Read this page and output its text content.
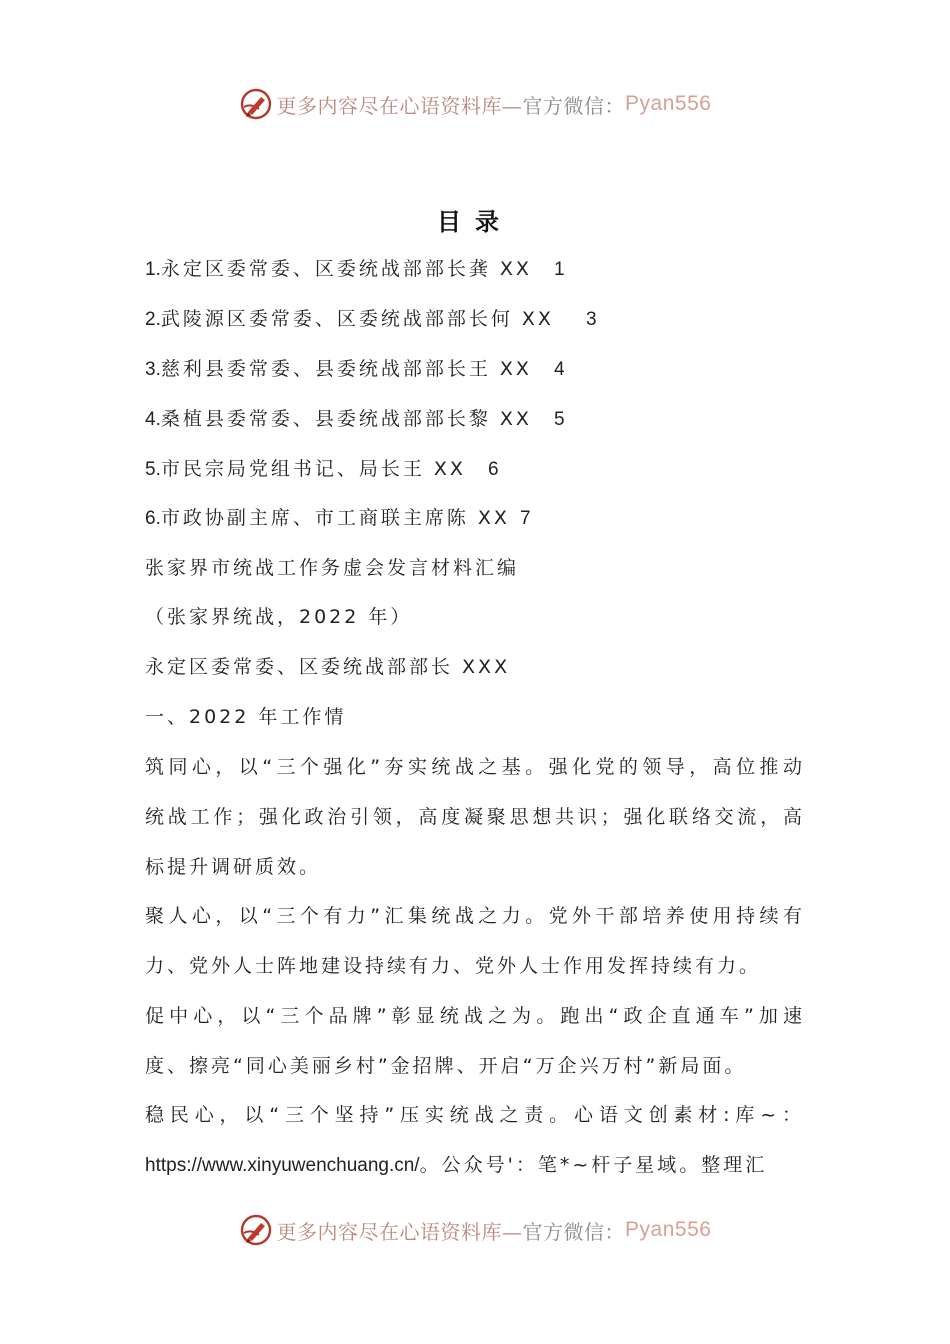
更多内容尽在心语资料库— 官方微信： Pyan556
目录
1.永定区委常委、区委统战部部长龚 XX 1
2.武陵源区委常委、区委统战部部长何 XX 3
3.慈利县委常委、县委统战部部长王 XX 4
4.桑植县委常委、县委统战部部长黎 XX 5
5.市民宗局党组书记、局长王 XX 6
6.市政协副主席、市工商联主席陈 XX 7
张家界市统战工作务虚会发言材料汇编
（张家界统战，2022 年）
永定区委常委、区委统战部部长 XXX
一、2022 年工作情
筑同心，以“三个强化”夯实统战之基。强化党的领导，高位推动
统战工作；强化政治引领，高度凝聚思想共识；强化联络交流，高
标提升调研质效。
聚人心，以“三个有力”汇集统战之力。党外干部培养使用持续有
力、党外人士阵地建设持续有力、党外人士作用发挥持续有力。
促中心，以“三个品牌”彰显统战之为。跑出“政企直通车”加速
度、擦亮“同心美丽乡村”金招牌、开启“万企兴万村”新局面。
稳民心，以“三个坚持”压实统战之责。心语文创素材:库~：
https://www.xinyuwenchuang.cn/。公众号'：笔*~杆子星域。整理汇
更多内容尽在心语资料库— 官方微信： Pyan556
